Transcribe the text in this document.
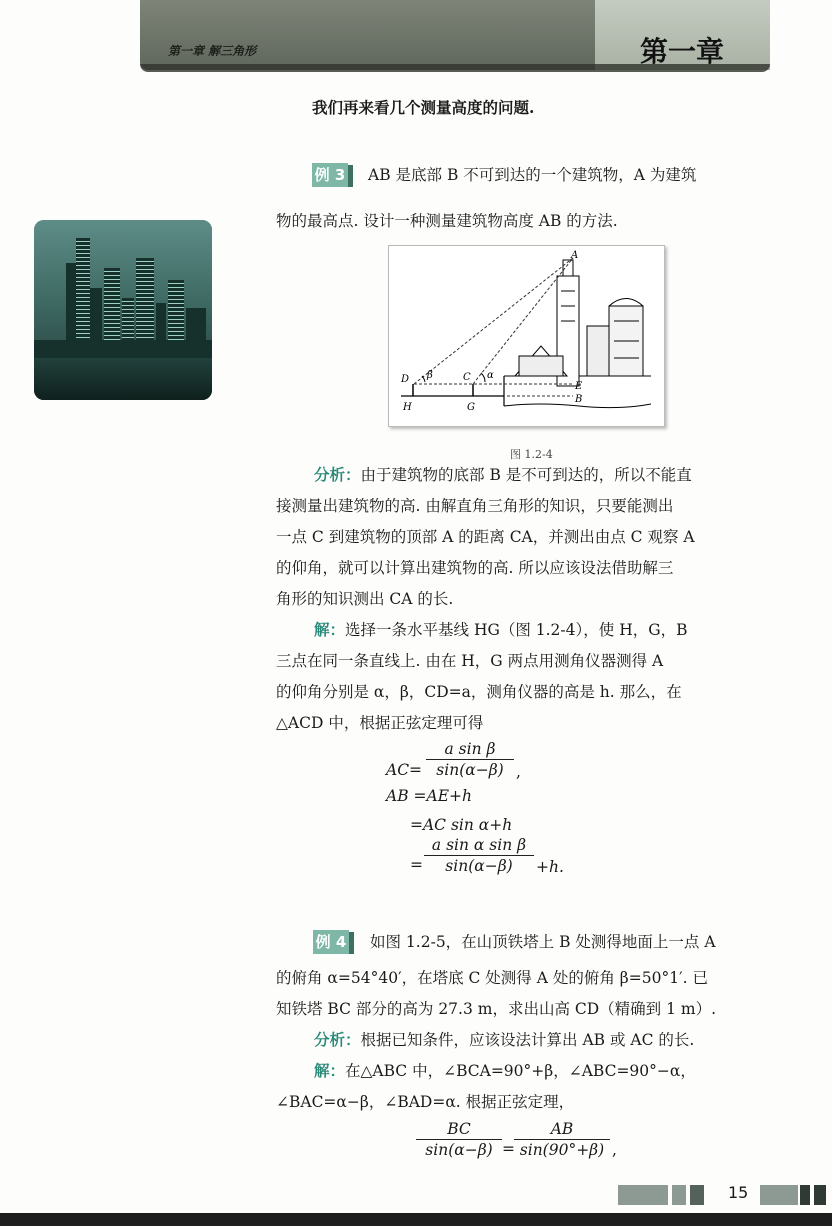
第一章 解三角形	第一章
我们再来看几个测量高度的问题.
例 3 AB 是底部 B 不可到达的一个建筑物，A 为建筑
物的最高点. 设计一种测量建筑物高度 AB 的方法.
A
B
C
D
E
G
H
α
β
图 1.2-4
分析：由于建筑物的底部 B 是不可到达的，所以不能直
接测量出建筑物的高. 由解直角三角形的知识，只要能测出
一点 C 到建筑物的顶部 A 的距离 CA，并测出由点 C 观察 A
的仰角，就可以计算出建筑物的高. 所以应该设法借助解三
角形的知识测出 CA 的长.
解：选择一条水平基线 HG（图 1.2-4），使 H，G，B
三点在同一条直线上. 由在 H，G 两点用测角仪器测得 A
的仰角分别是 α，β，CD=a，测角仪器的高是 h. 那么，在
△ACD 中，根据正弦定理可得
AC=
a sin β
sin(α−β) ,
AB =AE+h
=AC sin α+h
=
a sin α sin β
sin(α−β)	+h.
例 4 如图 1.2-5，在山顶铁塔上 B 处测得地面上一点 A
的俯角 α=54°40′，在塔底 C 处测得 A 处的俯角 β=50°1′. 已
知铁塔 BC 部分的高为 27.3 m，求出山高 CD（精确到 1 m）.
分析：根据已知条件，应该设法计算出 AB 或 AC 的长.
解：在△ABC 中，∠BCA=90°+β，∠ABC=90°−α，
∠BAC=α−β，∠BAD=α. 根据正弦定理，
BC
sin(α−β) =
AB
sin(90°+β) ,
15
